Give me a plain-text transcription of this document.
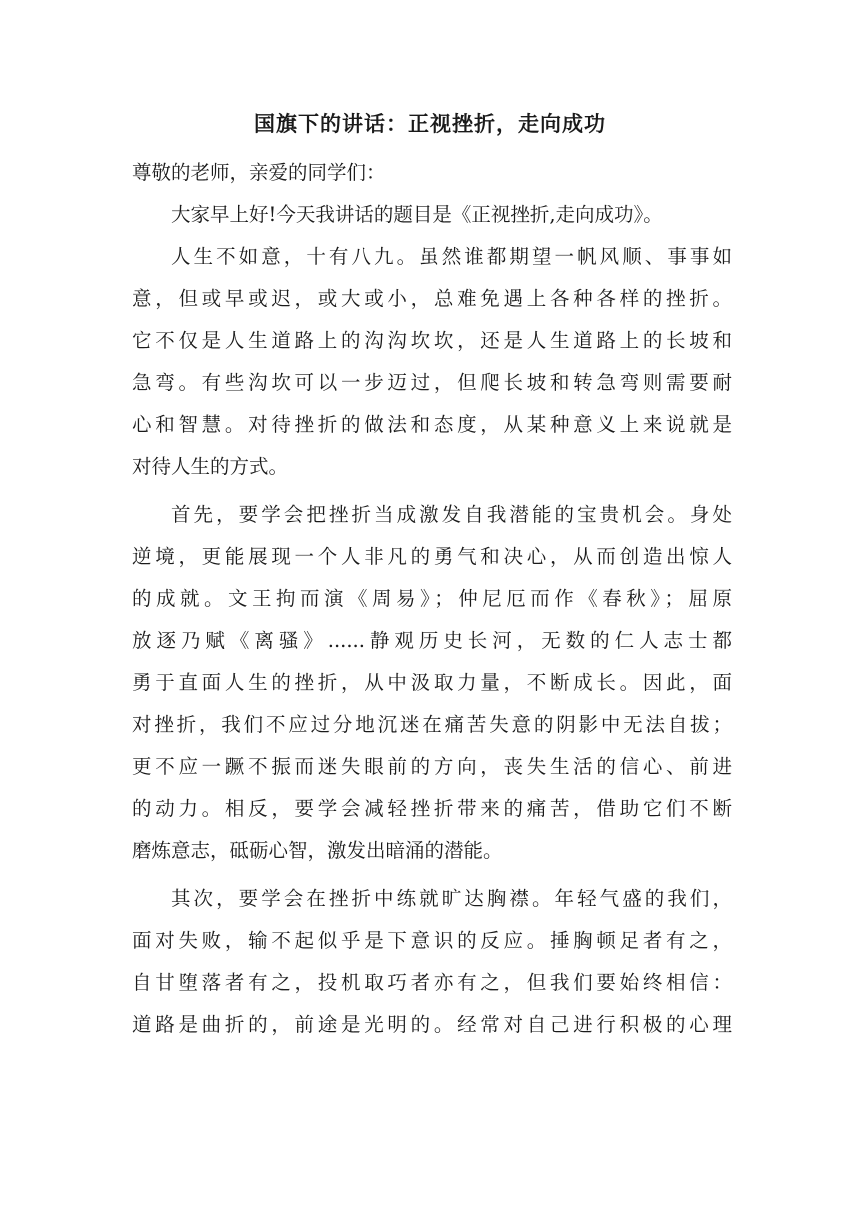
国旗下的讲话：正视挫折，走向成功
尊敬的老师，亲爱的同学们：
大家早上好!今天我讲话的题目是《正视挫折,走向成功》。
人生不如意，十有八九。虽然谁都期望一帆风顺、事事如
意，但或早或迟，或大或小，总难免遇上各种各样的挫折。
它不仅是人生道路上的沟沟坎坎，还是人生道路上的长坡和
急弯。有些沟坎可以一步迈过，但爬长坡和转急弯则需要耐
心和智慧。对待挫折的做法和态度，从某种意义上来说就是
对待人生的方式。
首先，要学会把挫折当成激发自我潜能的宝贵机会。身处
逆境，更能展现一个人非凡的勇气和决心，从而创造出惊人
的成就。文王拘而演《周易》；仲尼厄而作《春秋》；屈原
放逐乃赋《离骚》......静观历史长河，无数的仁人志士都
勇于直面人生的挫折，从中汲取力量，不断成长。因此，面
对挫折，我们不应过分地沉迷在痛苦失意的阴影中无法自拔；
更不应一蹶不振而迷失眼前的方向，丧失生活的信心、前进
的动力。相反，要学会减轻挫折带来的痛苦，借助它们不断
磨炼意志，砥砺心智，激发出暗涌的潜能。
其次，要学会在挫折中练就旷达胸襟。年轻气盛的我们，
面对失败，输不起似乎是下意识的反应。捶胸顿足者有之，
自甘堕落者有之，投机取巧者亦有之，但我们要始终相信：
道路是曲折的，前途是光明的。经常对自己进行积极的心理
